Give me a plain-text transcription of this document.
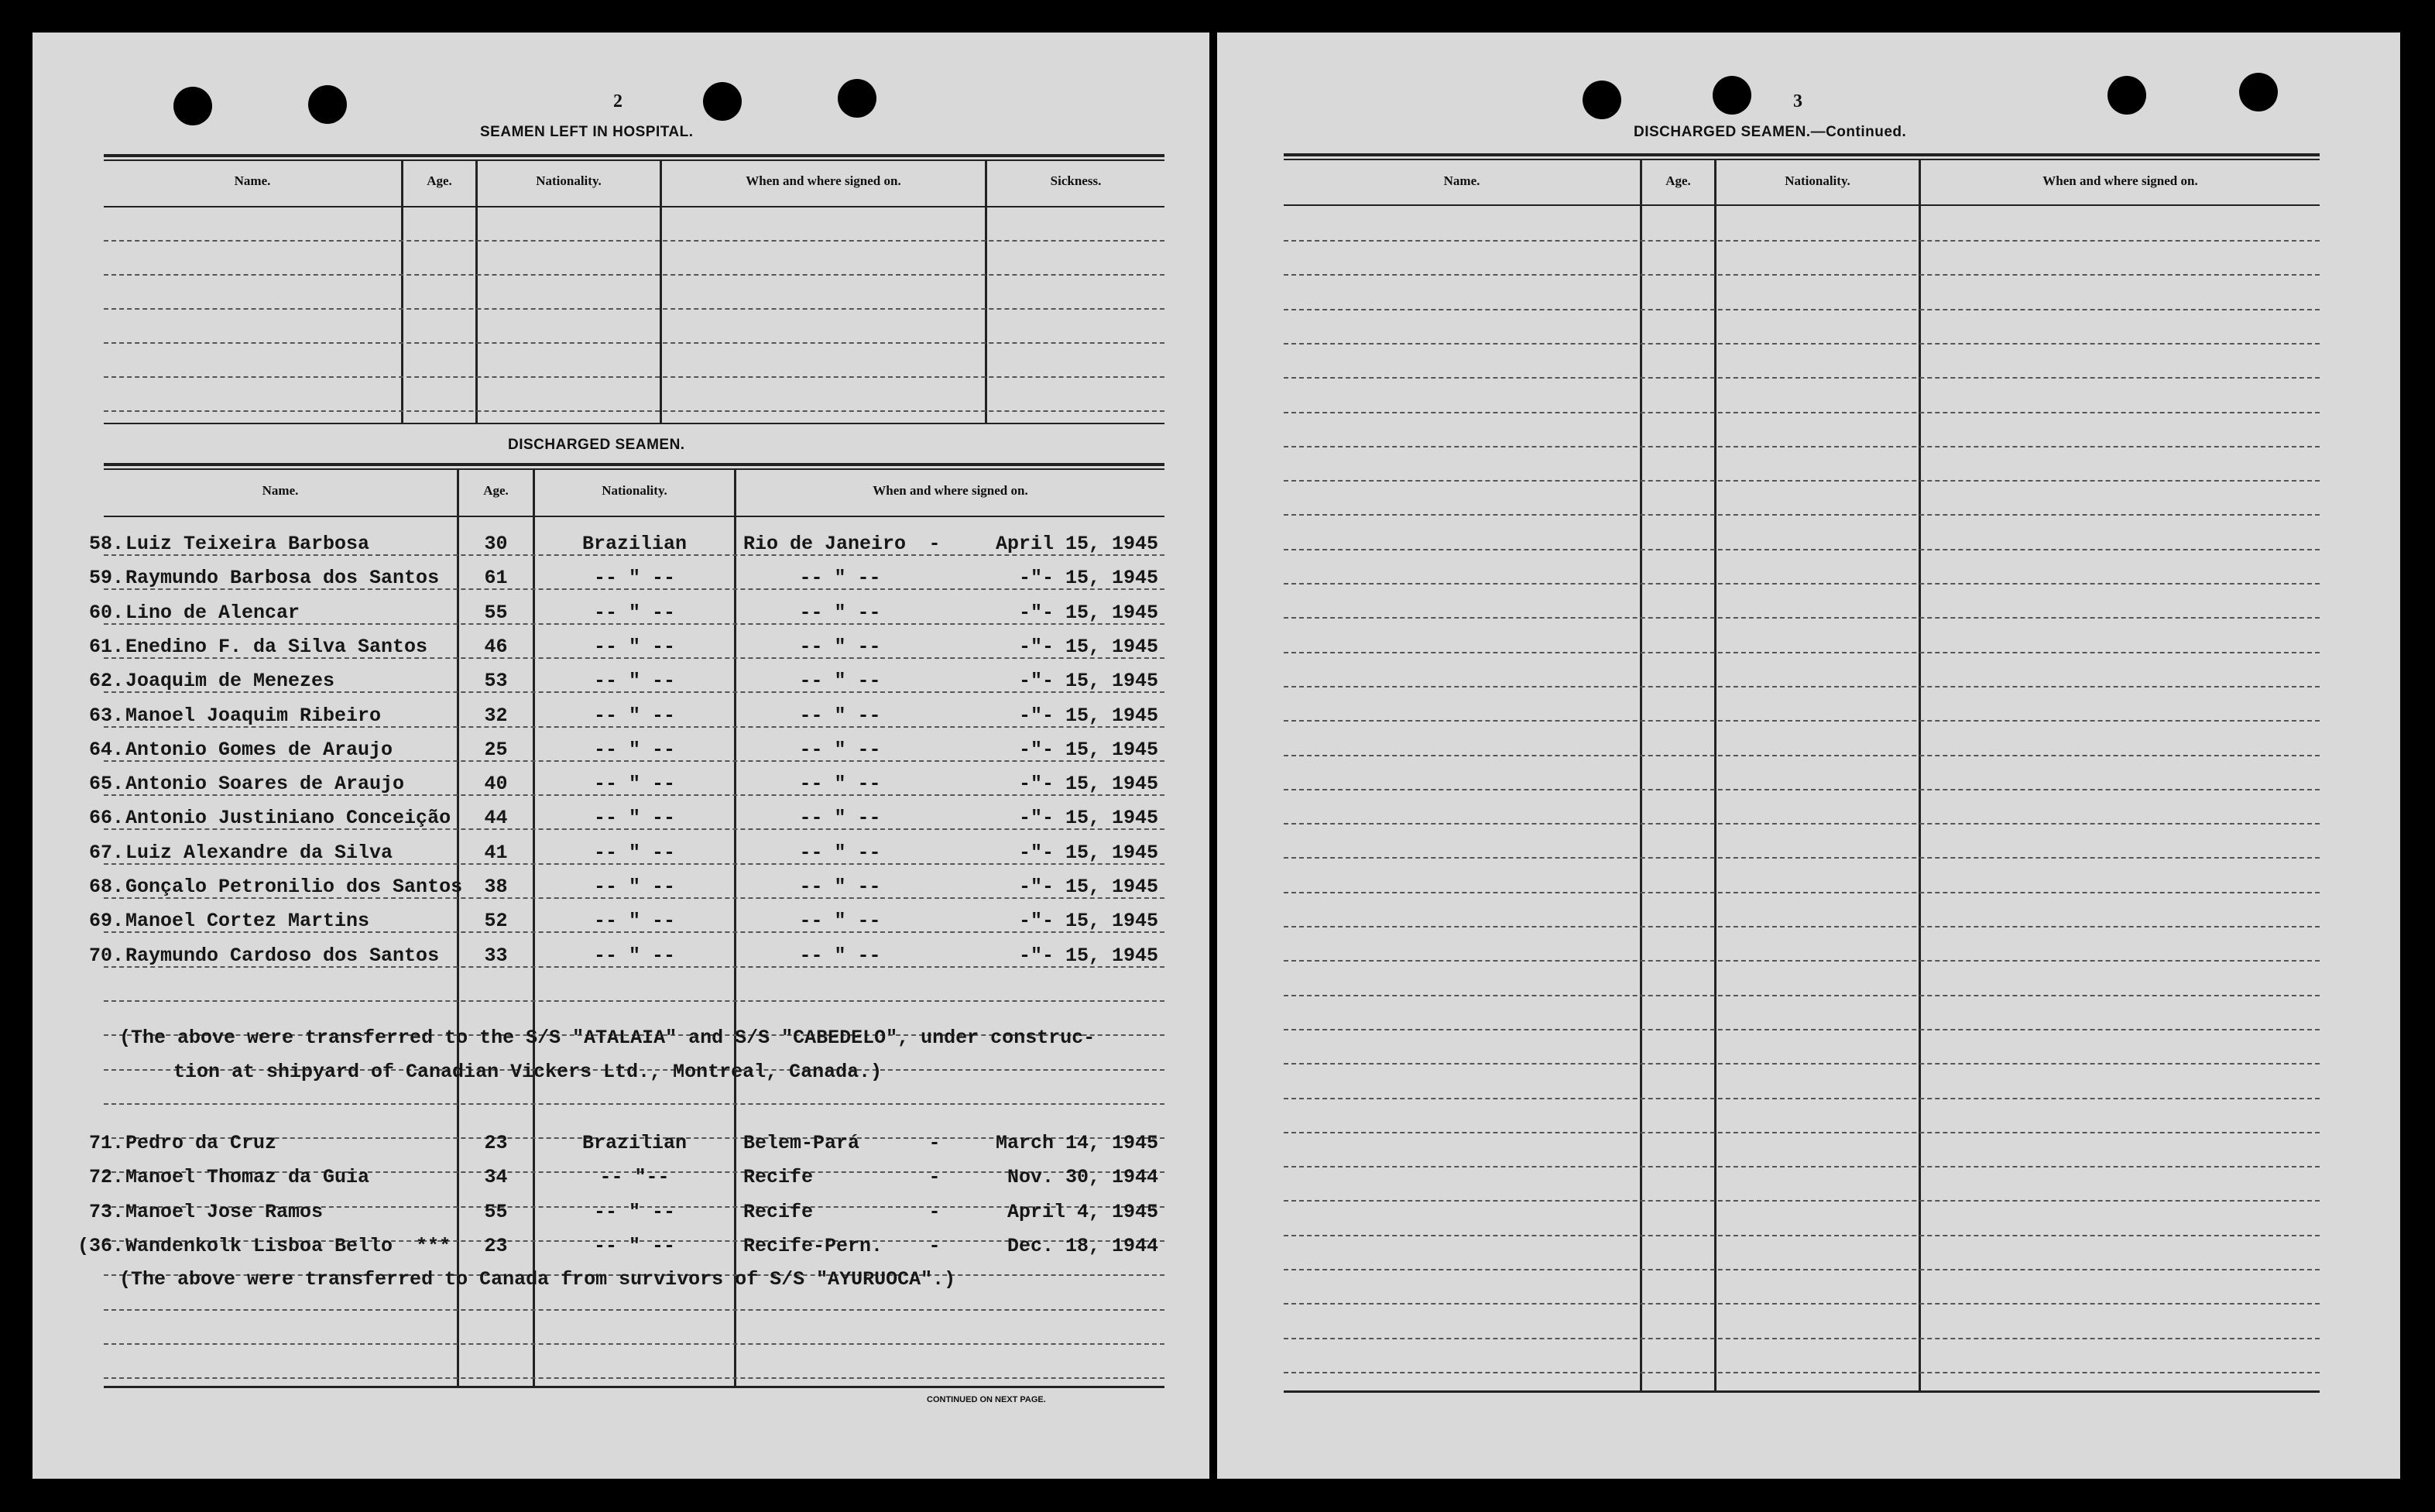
2
SEAMEN LEFT IN HOSPITAL.
Name.	Age.	Nationality.	When and where signed on.	Sickness.
DISCHARGED SEAMEN.
Name.	Age.	Nationality.	When and where signed on.
58. Luiz Teixeira Barbosa	30	Brazilian	Rio de Janeiro	-	April 15, 1945
59. Raymundo Barbosa dos Santos	61	-- " --	-- " --	-"- 15, 1945
60. Lino de Alencar	55	-- " --	-- " --	-"- 15, 1945
61. Enedino F. da Silva Santos	46	-- " --	-- " --	-"- 15, 1945
62. Joaquim de Menezes	53	-- " --	-- " --	-"- 15, 1945
63. Manoel Joaquim Ribeiro	32	-- " --	-- " --	-"- 15, 1945
64. Antonio Gomes de Araujo	25	-- " --	-- " --	-"- 15, 1945
65. Antonio Soares de Araujo	40	-- " --	-- " --	-"- 15, 1945
66. Antonio Justiniano Conceição	44	-- " --	-- " --	-"- 15, 1945
67. Luiz Alexandre da Silva	41	-- " --	-- " --	-"- 15, 1945
68. Gonçalo Petronilio dos Santos	38	-- " --	-- " --	-"- 15, 1945
69. Manoel Cortez Martins	52	-- " --	-- " --	-"- 15, 1945
70. Raymundo Cardoso dos Santos	33	-- " --	-- " --	-"- 15, 1945
(The above were transferred to the S/S "ATALAIA" and S/S "CABEDELO", under construc-
tion at shipyard of Canadian Vickers Ltd., Montreal, Canada.)
71. Pedro da Cruz	23	Brazilian	Belem-Pará	-	March 14, 1945
72. Manoel Thomaz da Guia	34	-- "--	Recife	-	Nov. 30, 1944
73. Manoel Jose Ramos	55	-- " --	Recife	-	April 4, 1945
(36. Wandenkolk Lisboa Bello  ***	23	-- " --	Recife-Pern.	-	Dec. 18, 1944
(The above were transferred to Canada from survivors of S/S "AYURUOCA".)
CONTINUED ON NEXT PAGE.
3
DISCHARGED SEAMEN.—Continued.
Name.	Age.	Nationality.	When and where signed on.
